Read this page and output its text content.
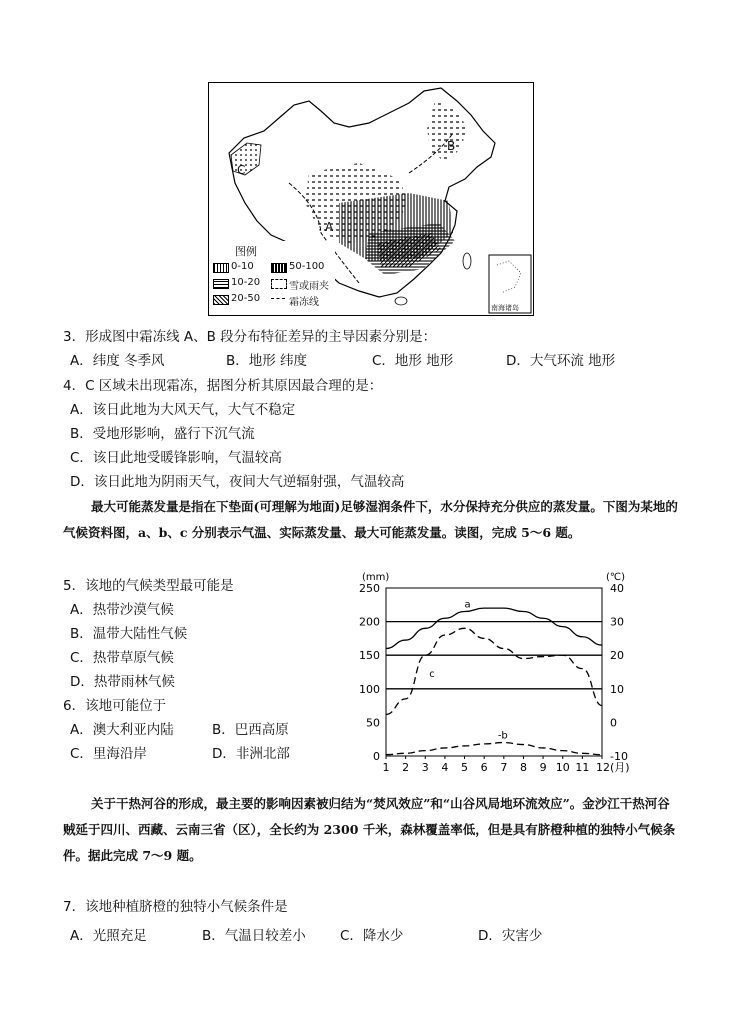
C
A
B
图例
0-10
10-20
20-50
50-100
雪或雨夹
霜冻线	南海诸岛
3．形成图中霜冻线 A、B 段分布特征差异的主导因素分别是：
A．纬度 冬季风	B．地形 纬度	C．地形 地形	D．大气环流 地形
4．C 区域未出现霜冻，据图分析其原因最合理的是：
A．该日此地为大风天气，大气不稳定
B．受地形影响，盛行下沉气流
C．该日此地受暖锋影响，气温较高
D．该日此地为阴雨天气，夜间大气逆辐射强，气温较高
最大可能蒸发量是指在下垫面(可理解为地面)足够湿润条件下，水分保持充分供应的蒸发量。下图为某地的气候资料图，a、b、c 分别表示气温、实际蒸发量、最大可能蒸发量。读图，完成 5～6 题。
5．该地的气候类型最可能是
A．热带沙漠气候
B．温带大陆性气候
C．热带草原气候
D．热带雨林气候
6．该地可能位于
A．澳大利亚内陆	B．巴西高原
C．里海沿岸	D．非洲北部	0	-10
50	0
100	10
150	20
200	30
250	40
(mm)	(℃)
1 2 3 4 5 6 7 8 9 10 11 12(月)
a
c
-b
关于干热河谷的形成，最主要的影响因素被归结为“焚风效应”和“山谷风局地环流效应”。金沙江干热河谷贼延于四川、西藏、云南三省（区），全长约为 2300 千米，森林覆盖率低，但是具有脐橙种植的独特小气候条件。据此完成 7～9 题。
7．该地种植脐橙的独特小气候条件是
A．光照充足	B．气温日较差小	C．降水少	D．灾害少
